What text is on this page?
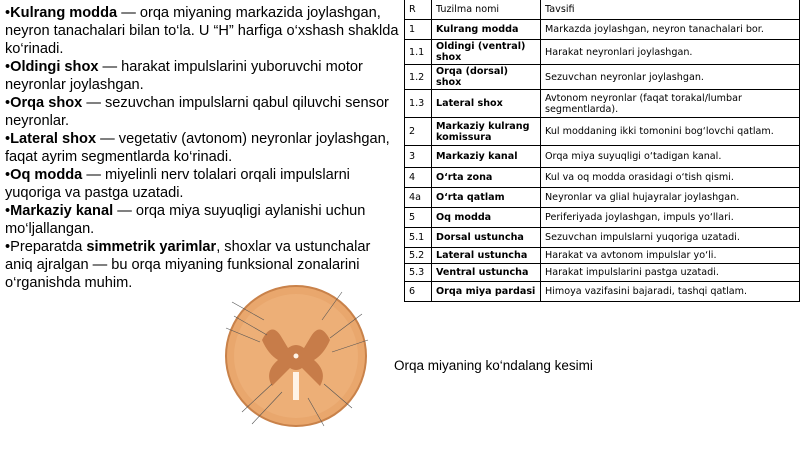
•Kulrang modda — orqa miyaning markazida joylashgan, neyron tanachalari bilan to‘la. U “H” harfiga o‘xshash shaklda ko‘rinadi.

•Oldingi shox — harakat impulslarini yuboruvchi motor neyronlar joylashgan.

•Orqa shox — sezuvchan impulslarni qabul qiluvchi sensor neyronlar.

•Lateral shox — vegetativ (avtonom) neyronlar joylashgan, faqat ayrim segmentlarda ko‘rinadi.

•Oq modda — miyelinli nerv tolalari orqali impulslarni yuqoriga va pastga uzatadi.

•Markaziy kanal — orqa miya suyuqligi aylanishi uchun mo‘ljallangan.

•Preparatda simmetrik yarimlar, shoxlar va ustunchalar aniq ajralgan — bu orqa miyaning funksional zonalarini o‘rganishda muhim.

R	Tuzilma nomi	Tavsifi
1	Kulrang modda	Markazda joylashgan, neyron tanachalari bor.
1.1	Oldingi (ventral) shox	Harakat neyronlari joylashgan.
1.2	Orqa (dorsal) shox	Sezuvchan neyronlar joylashgan.
1.3	Lateral shox	Avtonom neyronlar (faqat torakal/lumbar segmentlarda).
2	Markaziy kulrang komissura	Kul moddaning ikki tomonini bog‘lovchi qatlam.
3	Markaziy kanal	Orqa miya suyuqligi o‘tadigan kanal.
4	O‘rta zona	Kul va oq modda orasidagi o‘tish qismi.
4a	O‘rta qatlam	Neyronlar va glial hujayralar joylashgan.
5	Oq modda	Periferiyada joylashgan, impuls yo‘llari.
5.1	Dorsal ustuncha	Sezuvchan impulslarni yuqoriga uzatadi.
5.2	Lateral ustuncha	Harakat va avtonom impulslar yo‘li.
5.3	Ventral ustuncha	Harakat impulslarini pastga uzatadi.
6	Orqa miya pardasi	Himoya vazifasini bajaradi, tashqi qatlam.
Orqa miyaning ko‘ndalang kesimi
